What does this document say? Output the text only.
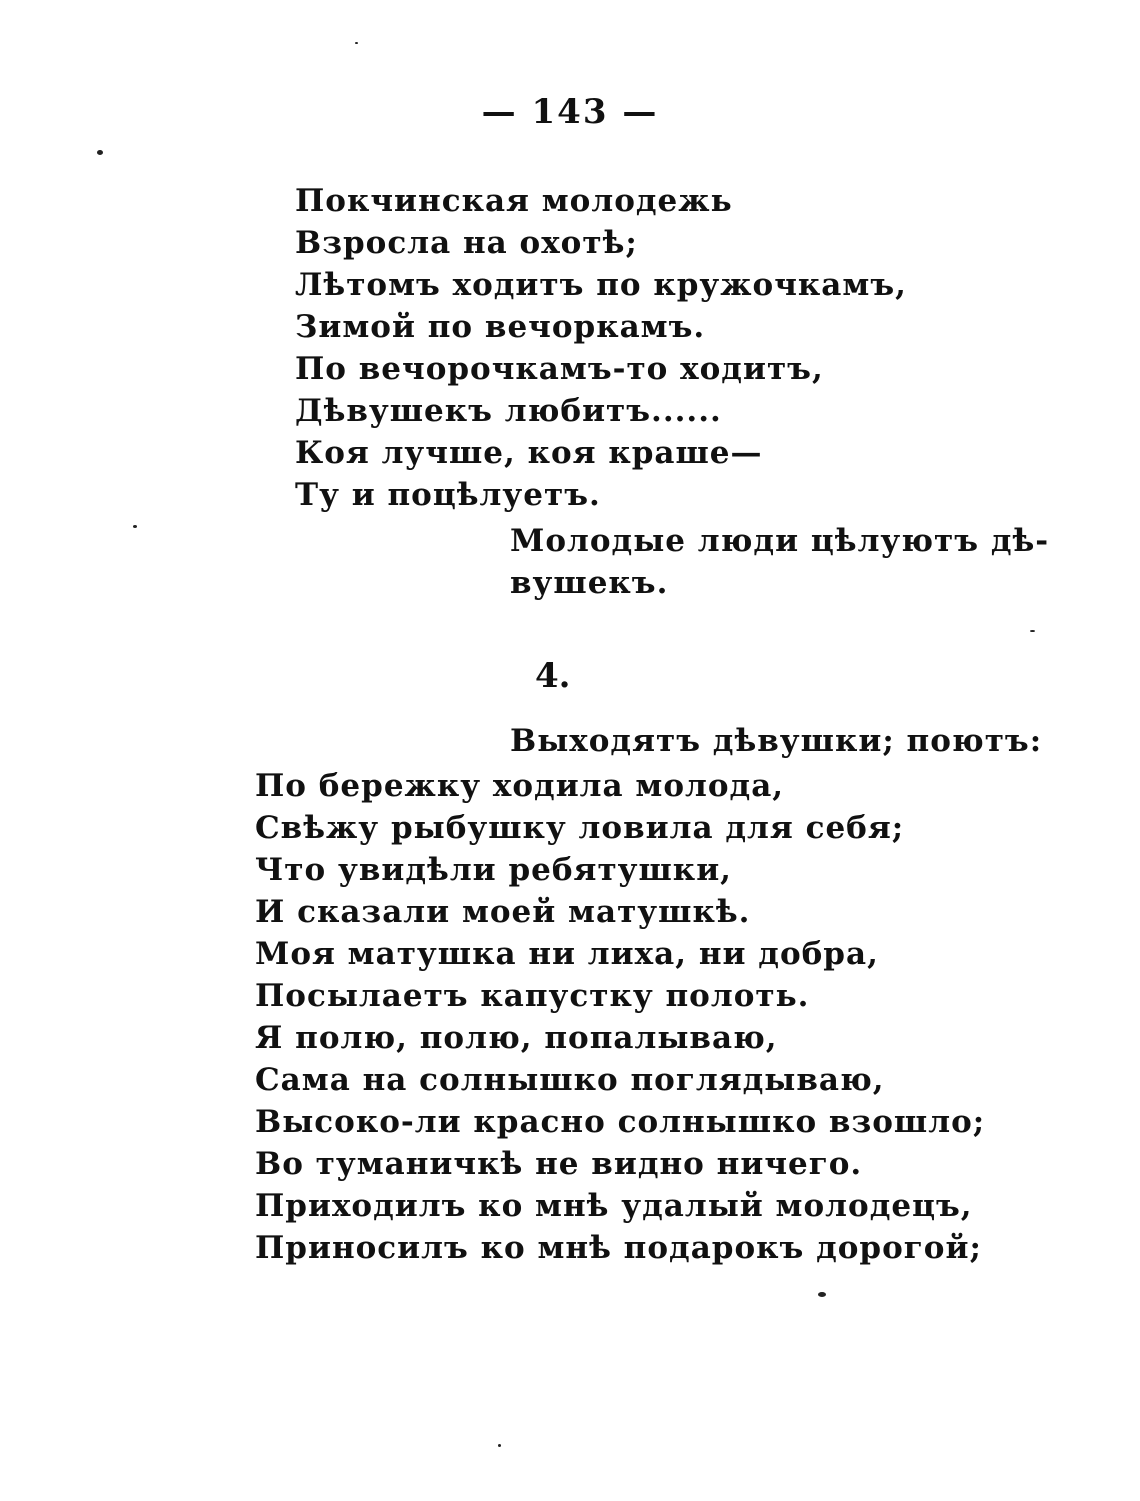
— 143 —
Покчинская молодежь
Взросла на охотѣ;
Лѣтомъ ходитъ по кружочкамъ,
Зимой по вечоркамъ.
По вечорочкамъ-то ходитъ,
Дѣвушекъ любитъ......
Коя лучше, коя краше—
Ту и поцѣлуетъ.
Молодые люди цѣлуютъ дѣ-
вушекъ.
4.
Выходятъ дѣвушки; поютъ:
По бережку ходила молода,
Свѣжу рыбушку ловила для себя;
Что увидѣли ребятушки,
И сказали моей матушкѣ.
Моя матушка ни лиха, ни добра,
Посылаетъ капустку полоть.
Я полю, полю, попалываю,
Сама на солнышко поглядываю,
Высоко-ли красно солнышко взошло;
Во туманичкѣ не видно ничего.
Приходилъ ко мнѣ удалый молодецъ,
Приносилъ ко мнѣ подарокъ дорогой;
